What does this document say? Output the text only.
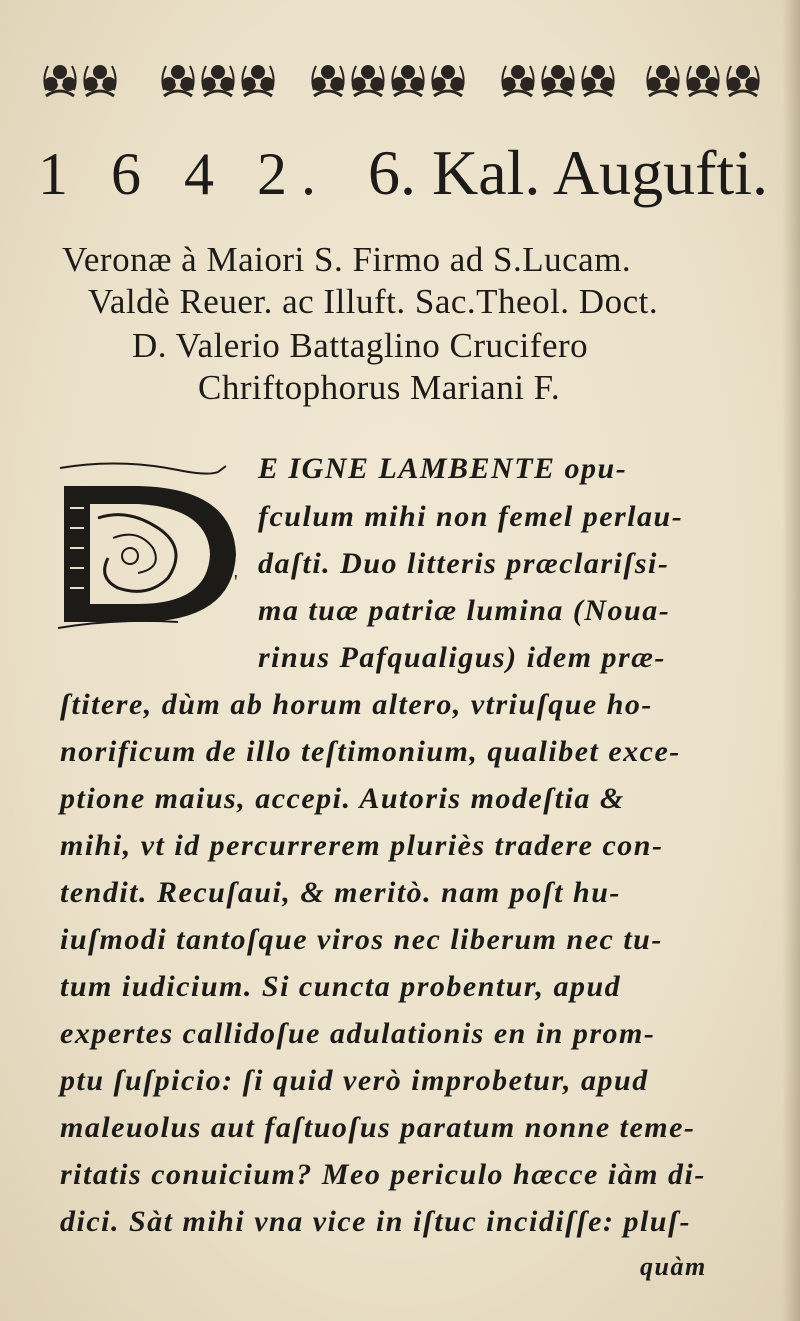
1 6 4 2. 6. Kal. Augufti.
Veronæ à Maiori S. Firmo ad S.Lucam.
Valdè Reuer. ac Illuft. Sac.Theol. Doct.
D. Valerio Battaglino Crucifero
Chriftophorus Mariani F.
'
E IGNE LAMBENTE opu-
fculum mihi non femel perlau-
daſti. Duo litteris præclariſsi-
ma tuæ patriæ lumina (Noua-
rinus Pafqualigus) idem præ-
ſtitere, dùm ab horum altero, vtriuſque ho-
norificum de illo teſtimonium, qualibet exce-
ptione maius, accepi. Autoris modeſtia &
mihi, vt id percurrerem pluriès tradere con-
tendit. Recuſaui, & meritò. nam poſt hu-
iuſmodi tantoſque viros nec liberum nec tu-
tum iudicium. Si cuncta probentur, apud
expertes callidoſue adulationis en in prom-
ptu ſuſpicio: ſi quid verò improbetur, apud
maleuolus aut faſtuoſus paratum nonne teme-
ritatis conuicium? Meo periculo hæcce iàm di-
dici. Sàt mihi vna vice in iſtuc incidiſſe: pluſ-
quàm
